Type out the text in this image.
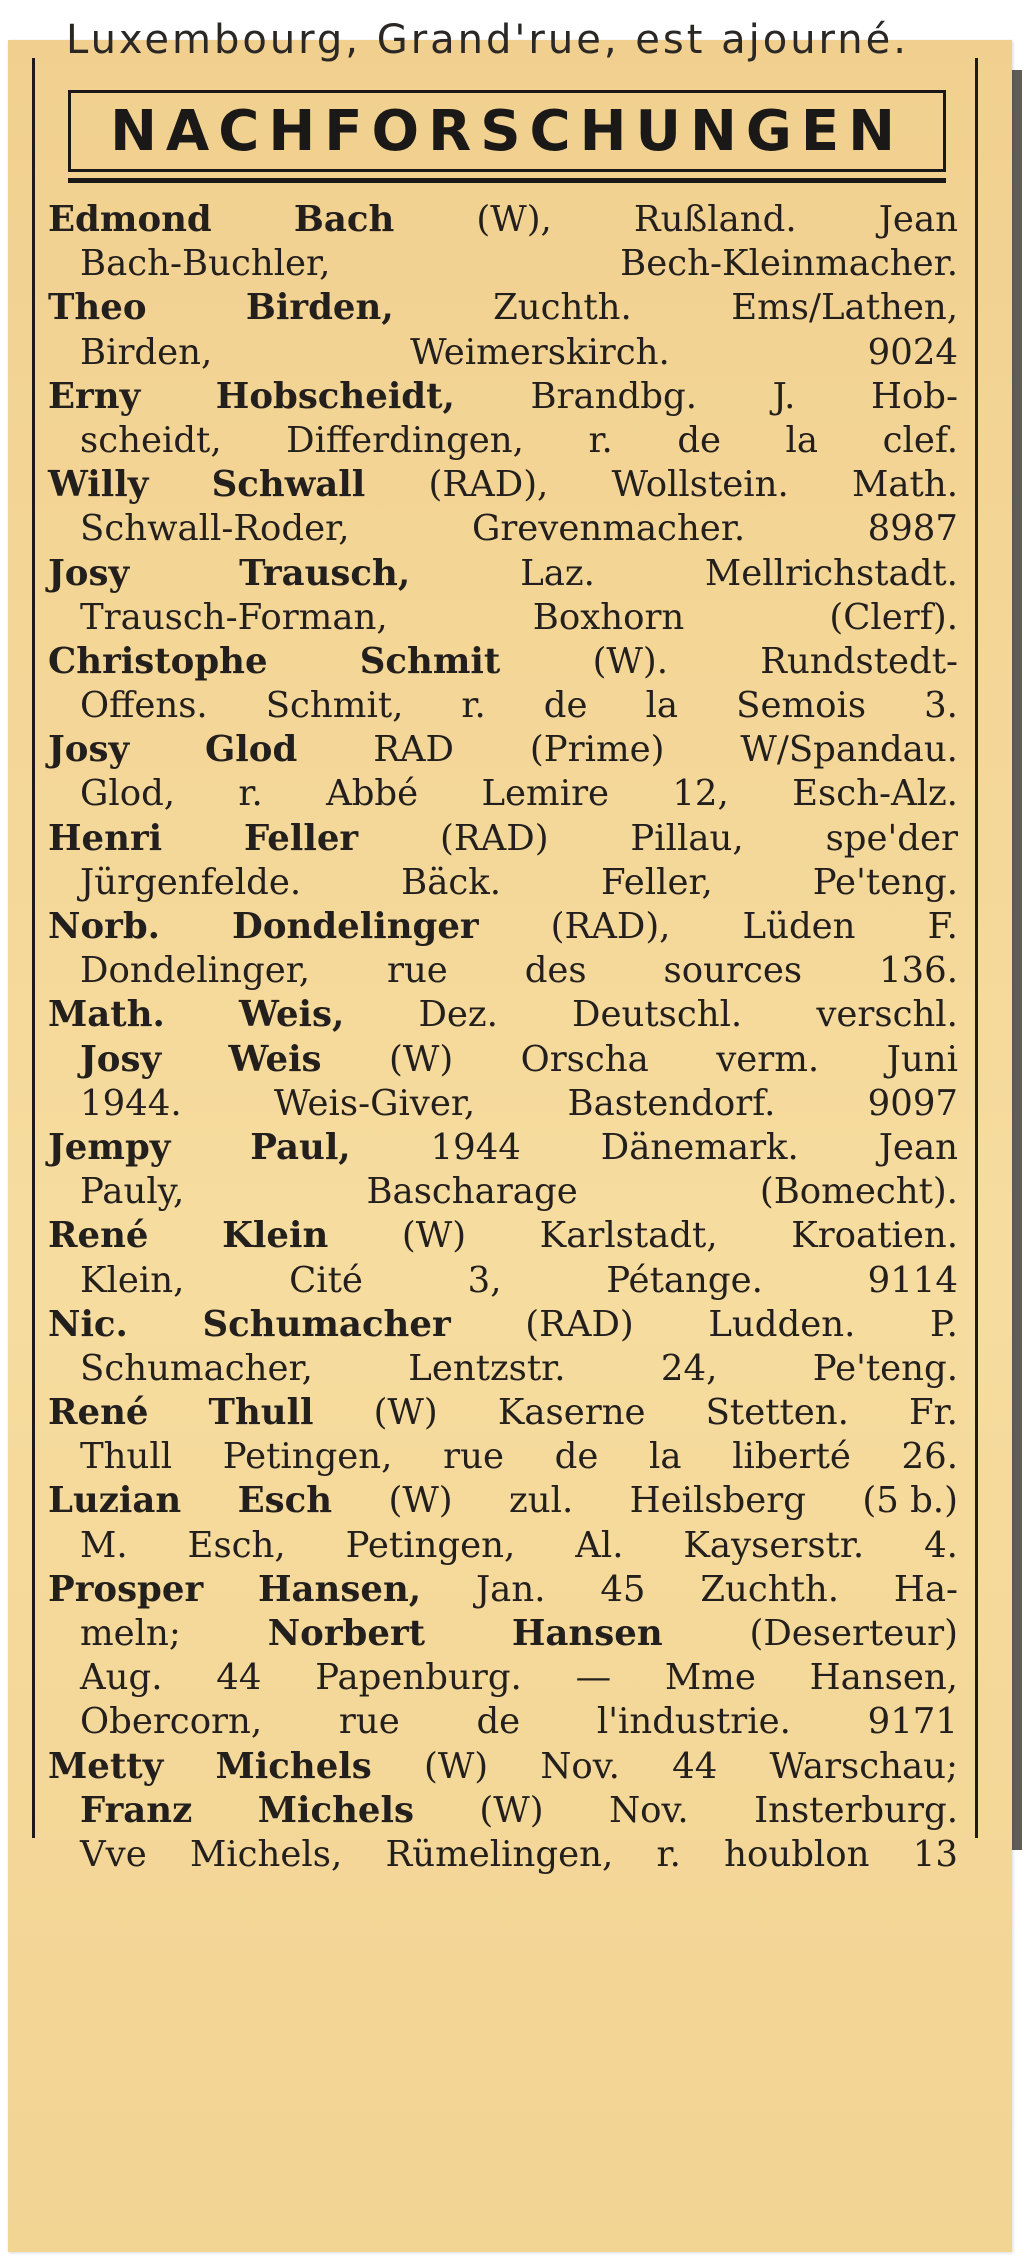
Luxembourg, Grand'rue, est ajourné.
NACHFORSCHUNGEN
Edmond Bach (W), Rußland. Jean
Bach-Buchler,	Bech-Kleinmacher.
Theo	Birden,	Zuchth.	Ems/Lathen,
Birden,	Weimerskirch.	9024
Erny Hobscheidt, Brandbg. J. Hob-
scheidt, Differdingen, r. de la clef.
Willy Schwall (RAD), Wollstein. Math.
Schwall-Roder,	Grevenmacher.	8987
Josy	Trausch,	Laz.	Mellrichstadt.
Trausch-Forman,	Boxhorn	(Clerf).
Christophe	Schmit	(W).	Rundstedt-
Offens. Schmit, r. de la Semois 3.
Josy Glod RAD (Prime) W/Spandau.
Glod, r. Abbé Lemire 12, Esch-Alz.
Henri Feller (RAD) Pillau, spe'der
Jürgenfelde.	Bäck.	Feller,	Pe'teng.
Norb. Dondelinger (RAD), Lüden F.
Dondelinger, rue des sources 136.
Math. Weis, Dez. Deutschl. verschl.
Josy Weis (W) Orscha verm. Juni
1944.	Weis-Giver,	Bastendorf.	9097
Jempy Paul, 1944 Dänemark. Jean
Pauly,	Bascharage	(Bomecht).
René Klein (W) Karlstadt, Kroatien.
Klein,	Cité	3,	Pétange.	9114
Nic. Schumacher (RAD) Ludden. P.
Schumacher,	Lentzstr.	24,	Pe'teng.
René Thull (W) Kaserne Stetten. Fr.
Thull Petingen, rue de la liberté 26.
Luzian Esch (W) zul. Heilsberg (5 b.)
M. Esch, Petingen, Al. Kayserstr. 4.
Prosper Hansen, Jan. 45 Zuchth. Ha-
meln; Norbert Hansen (Deserteur)
Aug. 44 Papenburg. — Mme Hansen,
Obercorn, rue de l'industrie. 9171
Metty Michels (W) Nov. 44 Warschau;
Franz Michels (W) Nov. Insterburg.
Vve Michels, Rümelingen, r. houblon 13
